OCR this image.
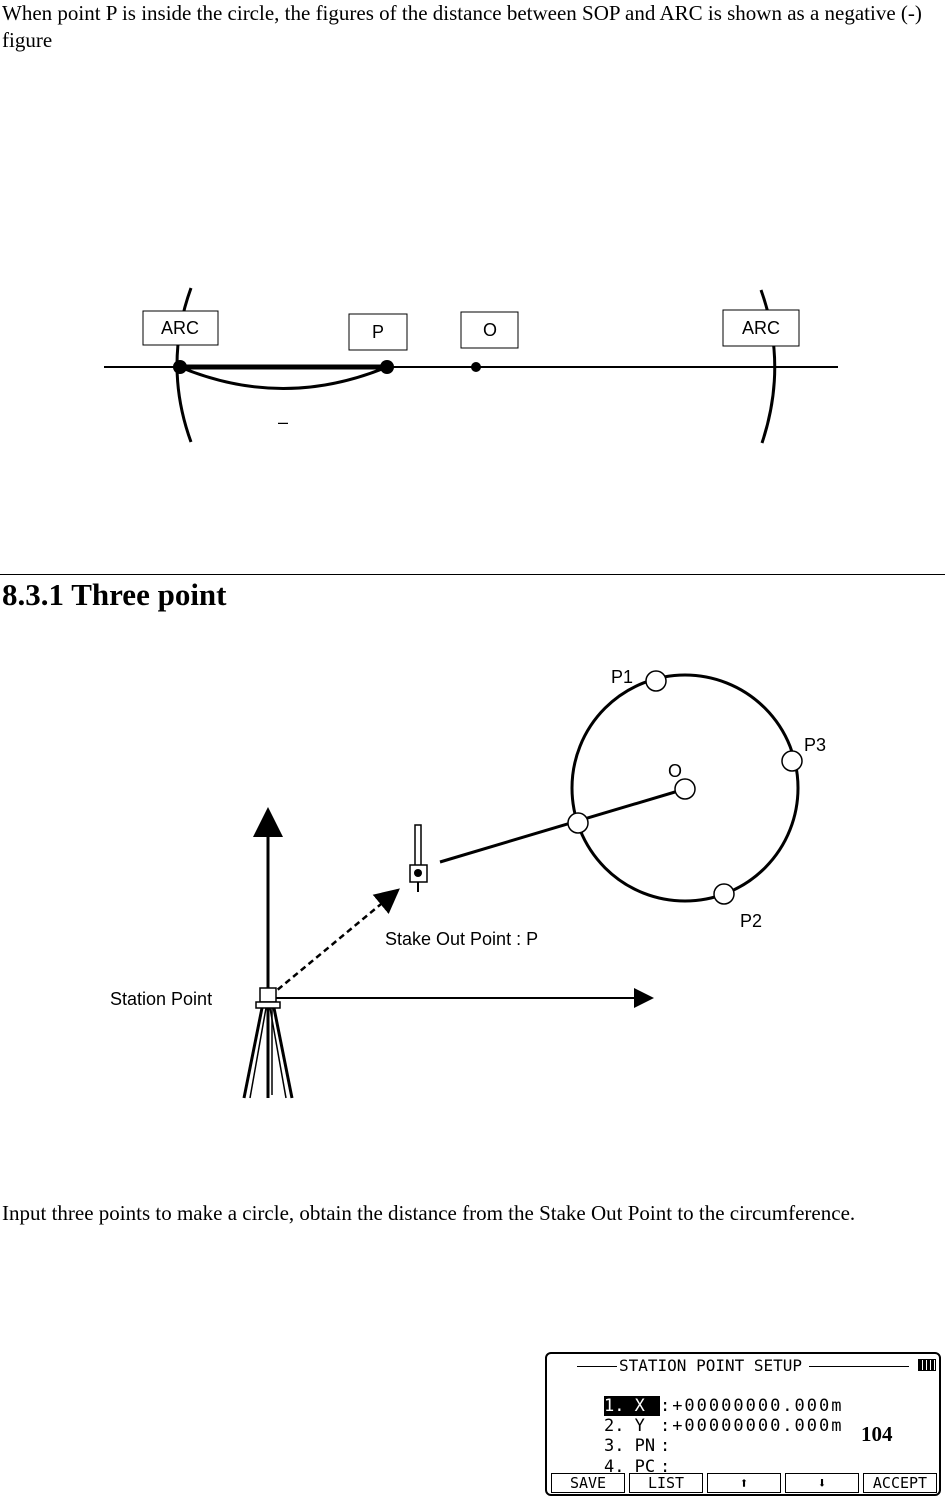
When point P is inside the circle, the figures of the distance between SOP and ARC is shown as a negative (-) figure
ARC	P	O	ARC
–
8.3.1 Three point
P1
P3
P2
O
Stake Out Point : P
Station Point
Input three points to make a circle, obtain the distance from the Stake Out Point to the circumference.
STATION POINT SETUP

1. X :+00000000.000m

2. Y :+00000000.000m

3. PN :

4. PC :

104
SAVE	LIST	⬆	⬇	ACCEPT
